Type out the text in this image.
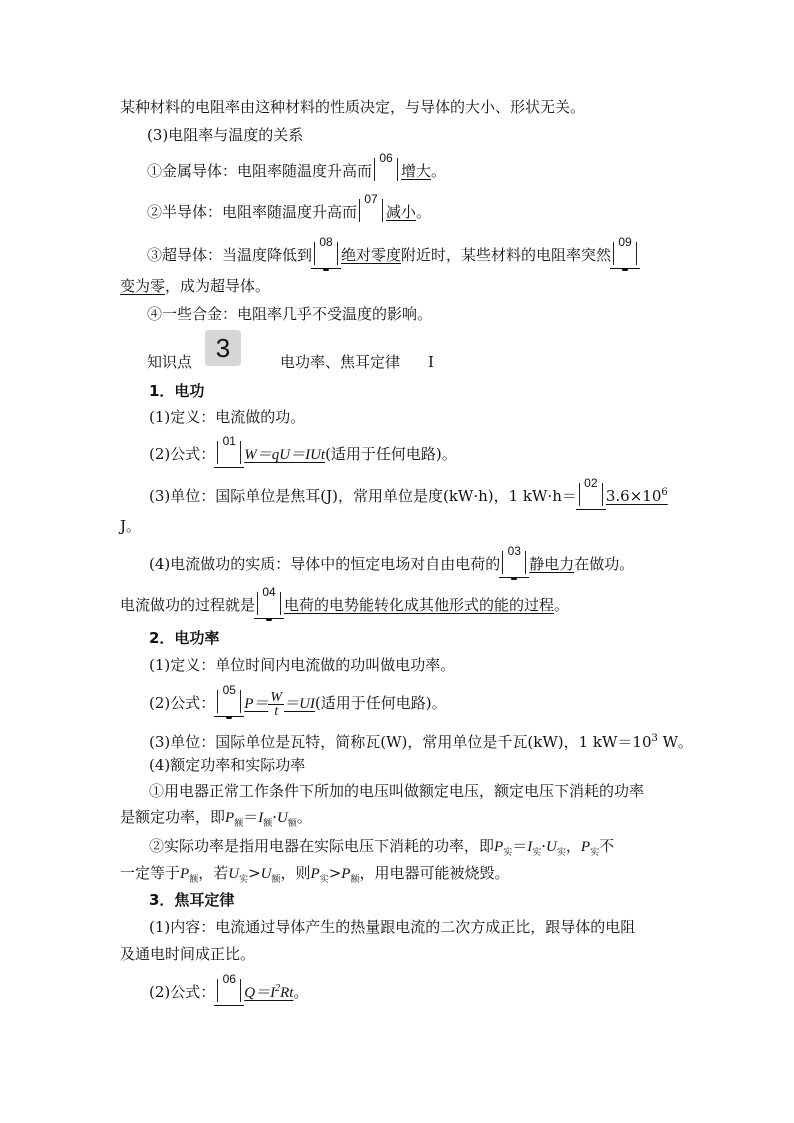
某种材料的电阻率由这种材料的性质决定，与导体的大小、形状无关。
(3)电阻率与温度的关系
①金属导体：电阻率随温度升高而
06
增大。
②半导体：电阻率随温度升高而
07
减小。
③超导体：当温度降低到
08
绝对零度附近时，某些材料的电阻率突然
09
变为零，成为超导体。
④一些合金：电阻率几乎不受温度的影响。
知识点 3	电功率、焦耳定律 Ⅰ
1．电功
(1)定义：电流做的功。
(2)公式：
01
W＝qU＝IUt(适用于任何电路)。
(3)单位：国际单位是焦耳(J)，常用单位是度(kW·h)，1 kW·h＝
02
$3.6\times 10^6$
J。
(4)电流做功的实质：导体中的恒定电场对自由电荷的
03
静电力在做功。
电流做功的过程就是
04
电荷的电势能转化成其他形式的能的过程。
2．电功率
(1)定义：单位时间内电流做的功叫做电功率。
(2)公式：
05
$P= \frac{W}{t} =UI$(适用于任何电路)。
(3)单位：国际单位是瓦特，简称瓦(W)，常用单位是千瓦(kW)，1 $kW=10^3$ W。
(4)额定功率和实际功率
①用电器正常工作条件下所加的电压叫做额定电压，额定电压下消耗的功率
是额定功率，即$P_额=I_额\cdot U_额$。
②实际功率是指用电器在实际电压下消耗的功率，即$P_实=I_实\cdot U_实$，$P_实$不
一定等于$P_额$，若$U_实>U_额$，则$P_实>P_额$，用电器可能被烧毁。
3．焦耳定律
(1)内容：电流通过导体产生的热量跟电流的二次方成正比，跟导体的电阻
及通电时间成正比。
(2)公式：
06
$Q=I^2Rt$。
